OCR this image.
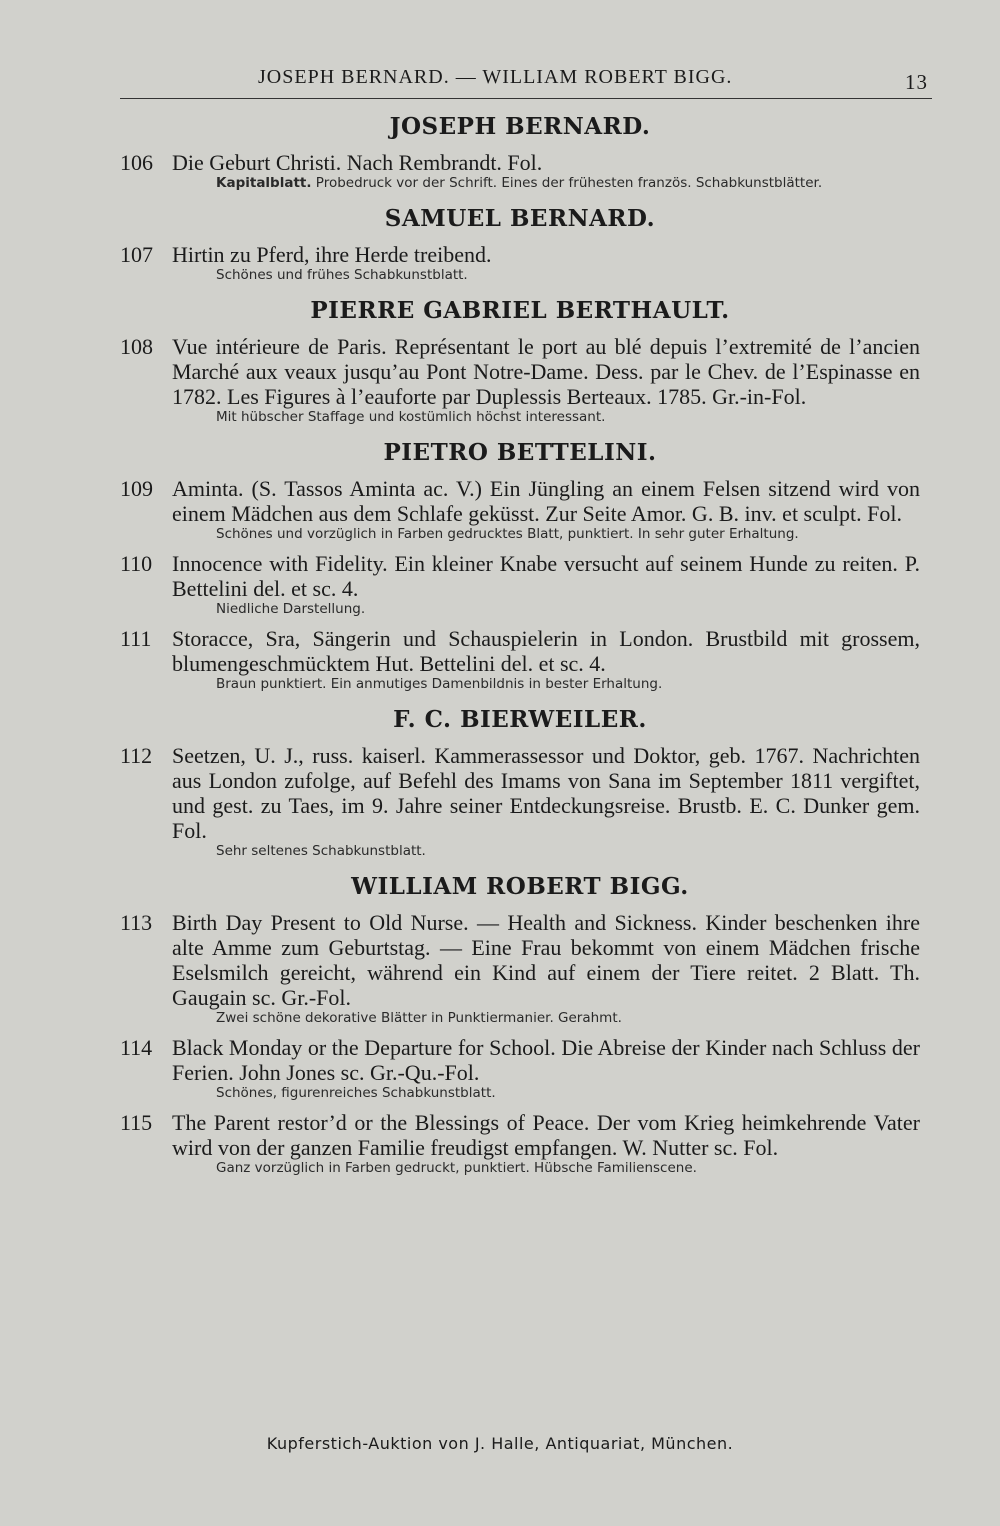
JOSEPH BERNARD. — WILLIAM ROBERT BIGG.	13
JOSEPH BERNARD.
106 Die Geburt Christi. Nach Rembrandt. Fol.
Kapitalblatt. Probedruck vor der Schrift. Eines der frühesten französ. Schabkunstblätter.
SAMUEL BERNARD.
107 Hirtin zu Pferd, ihre Herde treibend.
Schönes und frühes Schabkunstblatt.
PIERRE GABRIEL BERTHAULT.
108 Vue intérieure de Paris. Représentant le port au blé depuis l’extremité de l’ancien Marché aux veaux jusqu’au Pont Notre-Dame. Dess. par le Chev. de l’Espinasse en 1782. Les Figures à l’eauforte par Duplessis Berteaux. 1785. Gr.-in-Fol.
Mit hübscher Staffage und kostümlich höchst interessant.
PIETRO BETTELINI.
109 Aminta. (S. Tassos Aminta ac. V.) Ein Jüngling an einem Felsen sitzend wird von einem Mädchen aus dem Schlafe geküsst. Zur Seite Amor. G. B. inv. et sculpt. Fol.
Schönes und vorzüglich in Farben gedrucktes Blatt, punktiert. In sehr guter Erhaltung.
110 Innocence with Fidelity. Ein kleiner Knabe versucht auf seinem Hunde zu reiten. P. Bettelini del. et sc. 4.
Niedliche Darstellung.
111 Storacce, Sra, Sängerin und Schauspielerin in London. Brustbild mit grossem, blumengeschmücktem Hut. Bettelini del. et sc. 4.
Braun punktiert. Ein anmutiges Damenbildnis in bester Erhaltung.
F. C. BIERWEILER.
112 Seetzen, U. J., russ. kaiserl. Kammerassessor und Doktor, geb. 1767. Nachrichten aus London zufolge, auf Befehl des Imams von Sana im September 1811 vergiftet, und gest. zu Taes, im 9. Jahre seiner Entdeckungsreise. Brustb. E. C. Dunker gem. Fol.
Sehr seltenes Schabkunstblatt.
WILLIAM ROBERT BIGG.
113 Birth Day Present to Old Nurse. — Health and Sickness. Kinder beschenken ihre alte Amme zum Geburtstag. — Eine Frau bekommt von einem Mädchen frische Eselsmilch gereicht, während ein Kind auf einem der Tiere reitet. 2 Blatt. Th. Gaugain sc. Gr.-Fol.
Zwei schöne dekorative Blätter in Punktiermanier. Gerahmt.
114 Black Monday or the Departure for School. Die Abreise der Kinder nach Schluss der Ferien. John Jones sc. Gr.-Qu.-Fol.
Schönes, figurenreiches Schabkunstblatt.
115 The Parent restor’d or the Blessings of Peace. Der vom Krieg heimkehrende Vater wird von der ganzen Familie freudigst empfangen. W. Nutter sc. Fol.
Ganz vorzüglich in Farben gedruckt, punktiert. Hübsche Familienscene.
Kupferstich-Auktion von J. Halle, Antiquariat, München.
